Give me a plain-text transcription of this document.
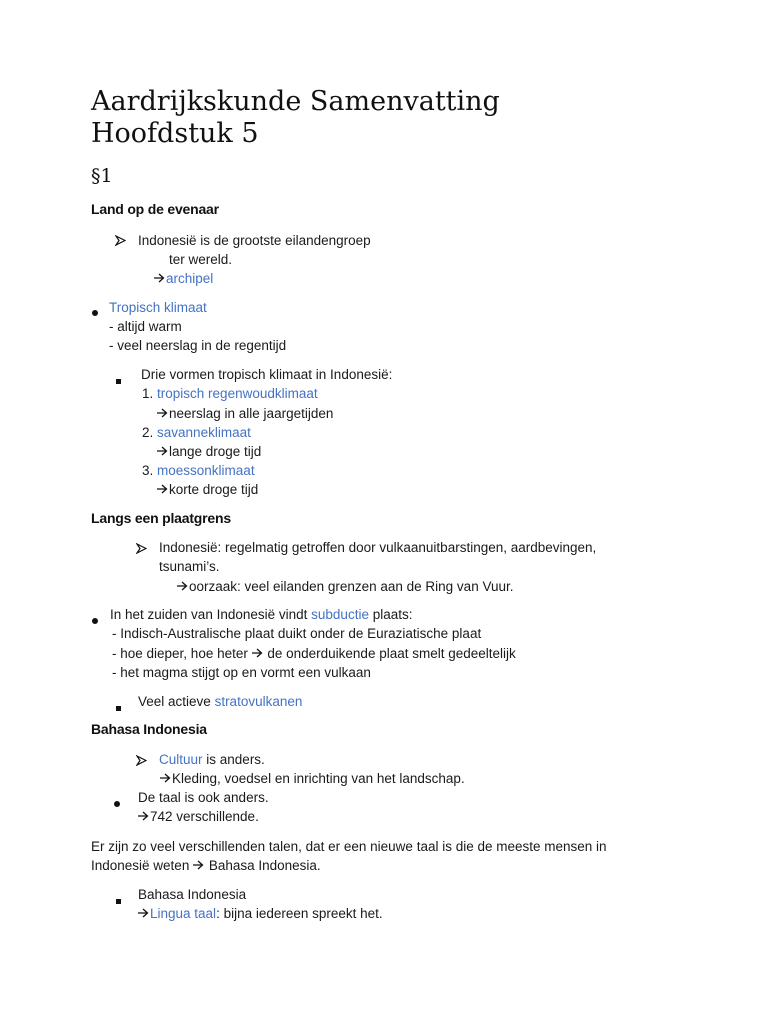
Aardrijkskunde Samenvatting
Hoofdstuk 5
§1
Land op de evenaar
Indonesië is de grootste eilandengroep
ter wereld.
archipel
Tropisch klimaat
- altijd warm
- veel neerslag in de regentijd
Drie vormen tropisch klimaat in Indonesië:
1. tropisch regenwoudklimaat
neerslag in alle jaargetijden
2. savanneklimaat
lange droge tijd
3. moessonklimaat
korte droge tijd
Langs een plaatgrens
Indonesië: regelmatig getroffen door vulkaanuitbarstingen, aardbevingen,
tsunami’s.
oorzaak: veel eilanden grenzen aan de Ring van Vuur.
In het zuiden van Indonesië vindt subductie plaats:
- Indisch-Australische plaat duikt onder de Euraziatische plaat
- hoe dieper, hoe heter
de onderduikende plaat smelt gedeeltelijk
- het magma stijgt op en vormt een vulkaan
Veel actieve stratovulkanen
Bahasa Indonesia
Cultuur is anders.
Kleding, voedsel en inrichting van het landschap.
De taal is ook anders.
742 verschillende.
Er zijn zo veel verschillenden talen, dat er een nieuwe taal is die de meeste mensen in
Indonesië weten
Bahasa Indonesia.
Bahasa Indonesia
Lingua taal: bijna iedereen spreekt het.
